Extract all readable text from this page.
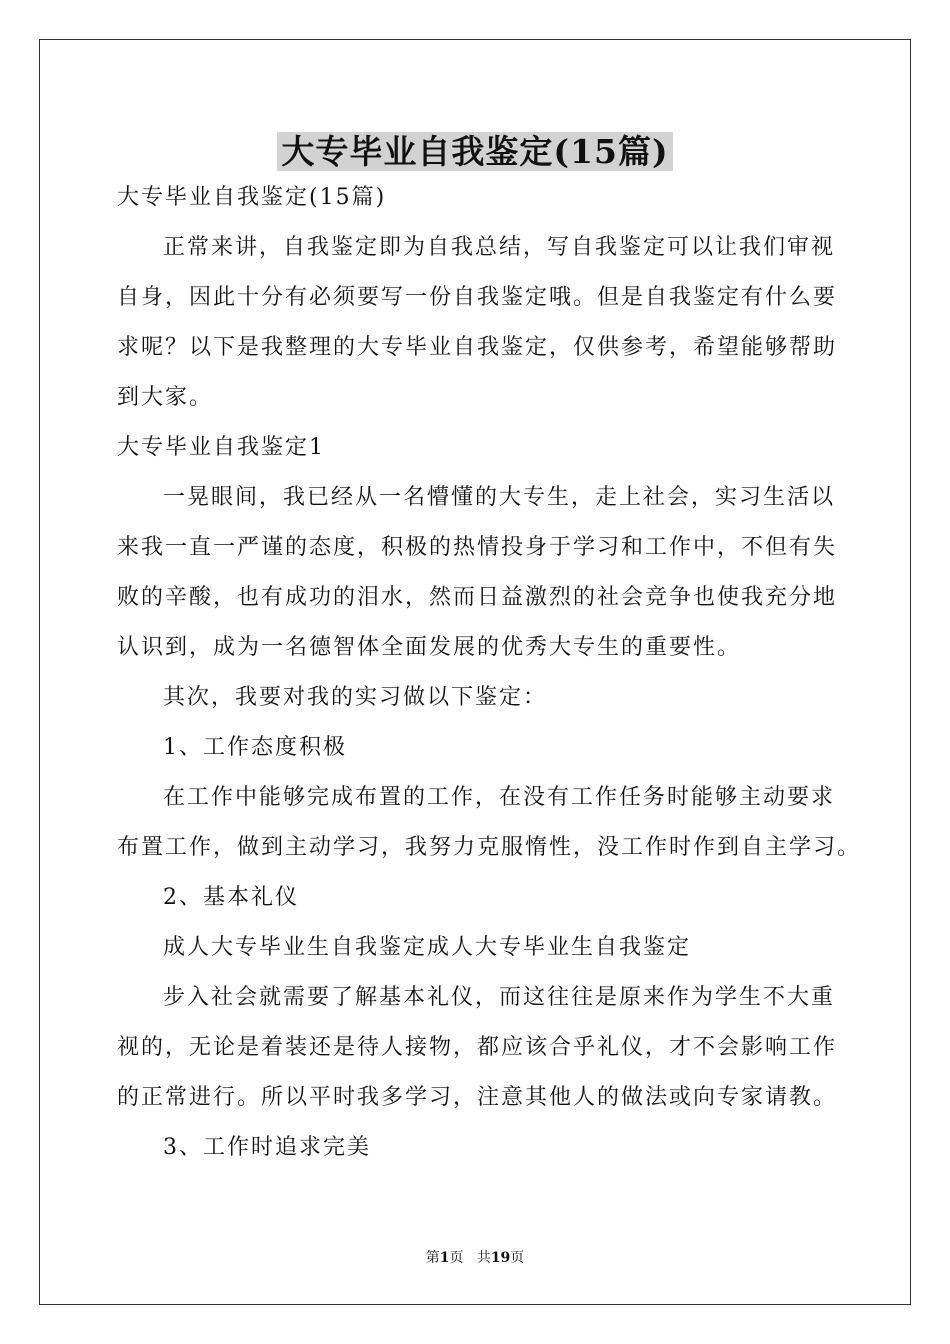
大专毕业自我鉴定(15篇)
大专毕业自我鉴定(15篇)
正常来讲，自我鉴定即为自我总结，写自我鉴定可以让我们审视
自身，因此十分有必须要写一份自我鉴定哦。但是自我鉴定有什么要
求呢？以下是我整理的大专毕业自我鉴定，仅供参考，希望能够帮助
到大家。
大专毕业自我鉴定1
一晃眼间，我已经从一名懵懂的大专生，走上社会，实习生活以
来我一直一严谨的态度，积极的热情投身于学习和工作中，不但有失
败的辛酸，也有成功的泪水，然而日益激烈的社会竞争也使我充分地
认识到，成为一名德智体全面发展的优秀大专生的重要性。
其次，我要对我的实习做以下鉴定：
1、工作态度积极
在工作中能够完成布置的工作，在没有工作任务时能够主动要求
布置工作，做到主动学习，我努力克服惰性，没工作时作到自主学习。
2、基本礼仪
成人大专毕业生自我鉴定成人大专毕业生自我鉴定
步入社会就需要了解基本礼仪，而这往往是原来作为学生不大重
视的，无论是着装还是待人接物，都应该合乎礼仪，才不会影响工作
的正常进行。所以平时我多学习，注意其他人的做法或向专家请教。
3、工作时追求完美
第1页 共19页
